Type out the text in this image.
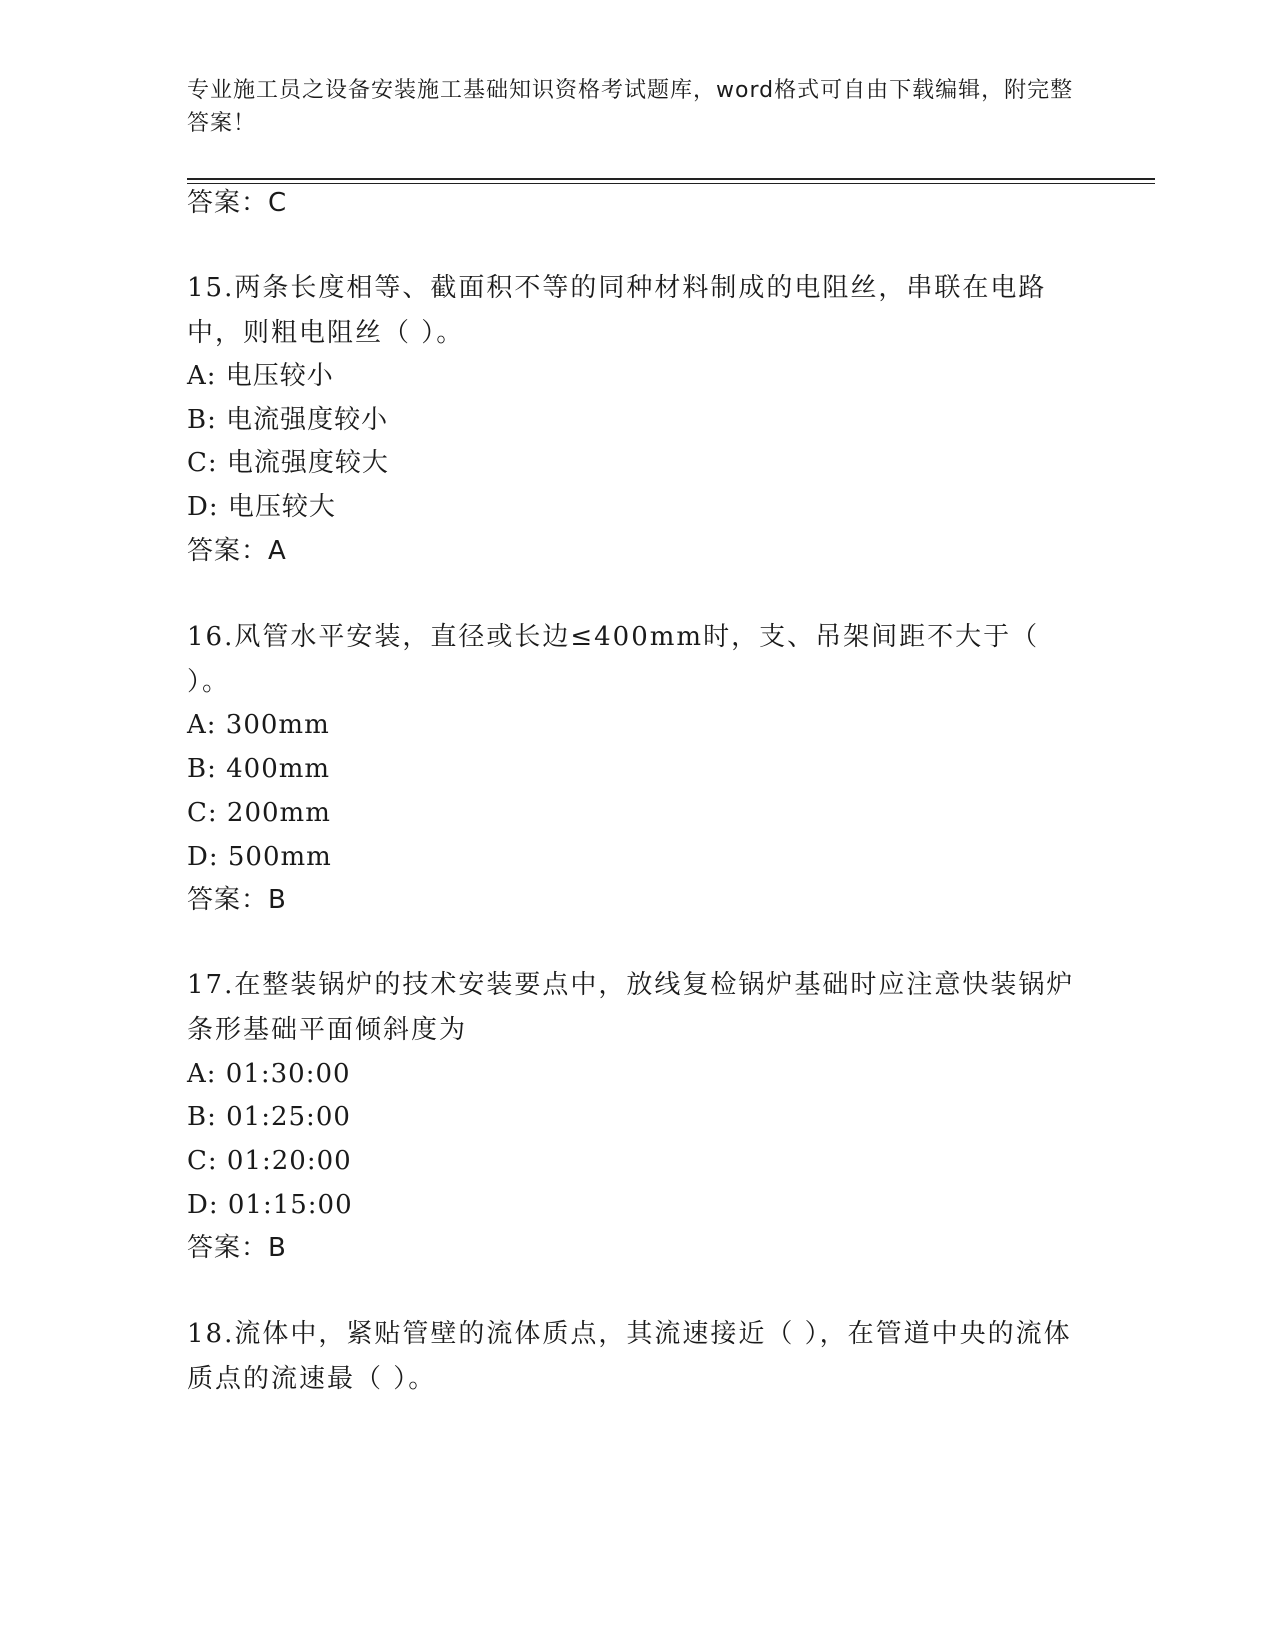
专业施工员之设备安装施工基础知识资格考试题库，word格式可自由下载编辑，附完整答案！
答案：C
15.两条长度相等、截面积不等的同种材料制成的电阻丝，串联在电路中，则粗电阻丝（ ）。
A: 电压较小
B: 电流强度较小
C: 电流强度较大
D: 电压较大
答案：A
16.风管水平安装，直径或长边≤400mm时，支、吊架间距不大于（ ）。
A: 300mm
B: 400mm
C: 200mm
D: 500mm
答案：B
17.在整装锅炉的技术安装要点中，放线复检锅炉基础时应注意快装锅炉条形基础平面倾斜度为
A: 01:30:00
B: 01:25:00
C: 01:20:00
D: 01:15:00
答案：B
18.流体中，紧贴管壁的流体质点，其流速接近（ ），在管道中央的流体质点的流速最（ ）。
